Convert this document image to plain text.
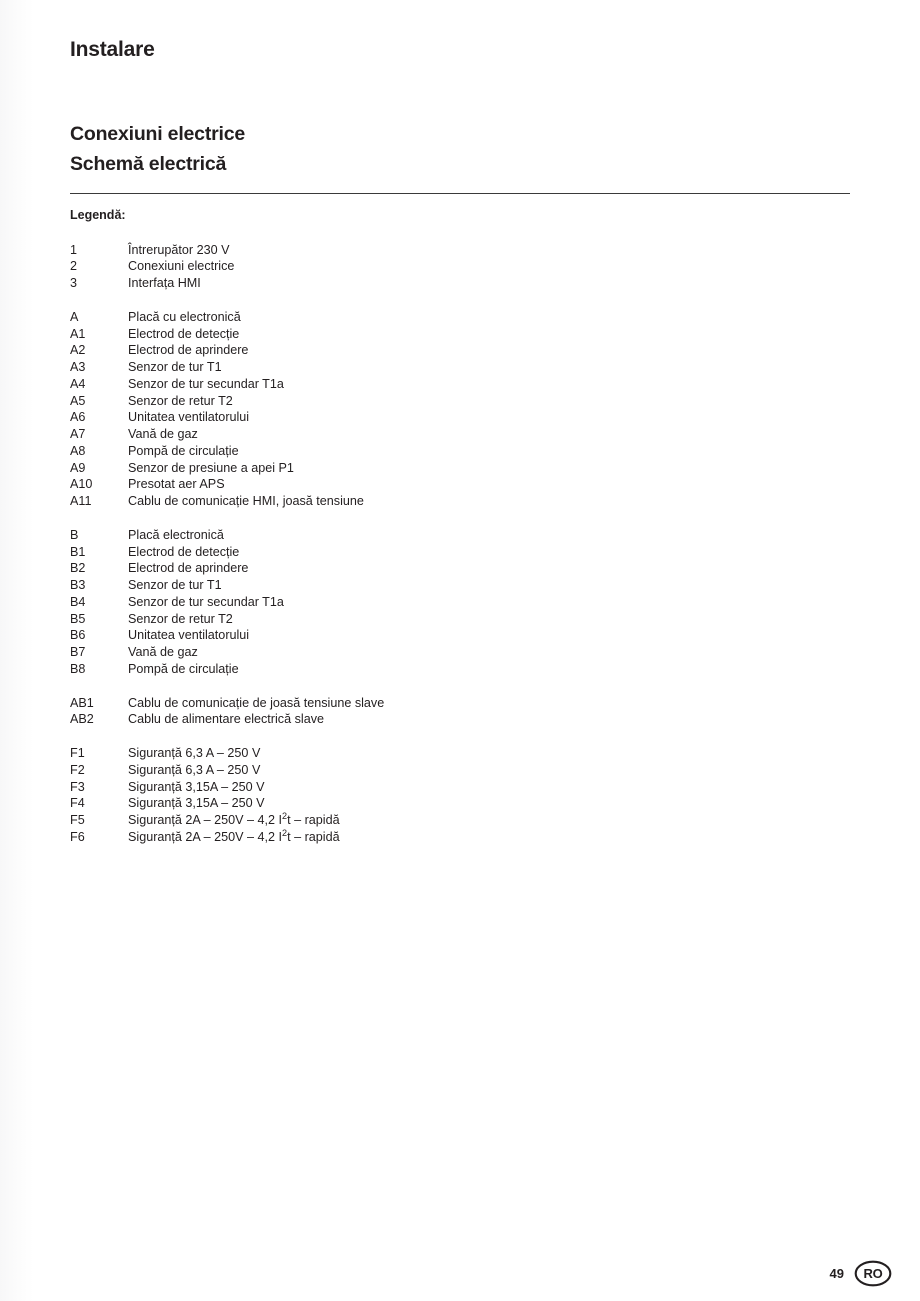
Instalare
Conexiuni electrice
Schemă electrică
Legendă:
1	Întrerupător 230 V
2	Conexiuni electrice
3	Interfața HMI
A	Placă cu electronică
A1	Electrod de detecție
A2	Electrod de aprindere
A3	Senzor de tur T1
A4	Senzor de tur secundar T1a
A5	Senzor de retur T2
A6	Unitatea ventilatorului
A7	Vană de gaz
A8	Pompă de circulație
A9	Senzor de presiune a apei P1
A10	Presotat aer APS
A11	Cablu de comunicație HMI, joasă tensiune
B	Placă electronică
B1	Electrod de detecție
B2	Electrod de aprindere
B3	Senzor de tur T1
B4	Senzor de tur secundar T1a
B5	Senzor de retur T2
B6	Unitatea ventilatorului
B7	Vană de gaz
B8	Pompă de circulație
AB1	Cablu de comunicație de joasă tensiune slave
AB2	Cablu de alimentare electrică slave
F1	Siguranță 6,3 A – 250 V
F2	Siguranță 6,3 A – 250 V
F3	Siguranță 3,15A – 250 V
F4	Siguranță 3,15A – 250 V
F5	Siguranță 2A – 250V – 4,2 $I^2t$ – rapidă
F6	Siguranță 2A – 250V – 4,2 $I^2t$ – rapidă
49 RO
